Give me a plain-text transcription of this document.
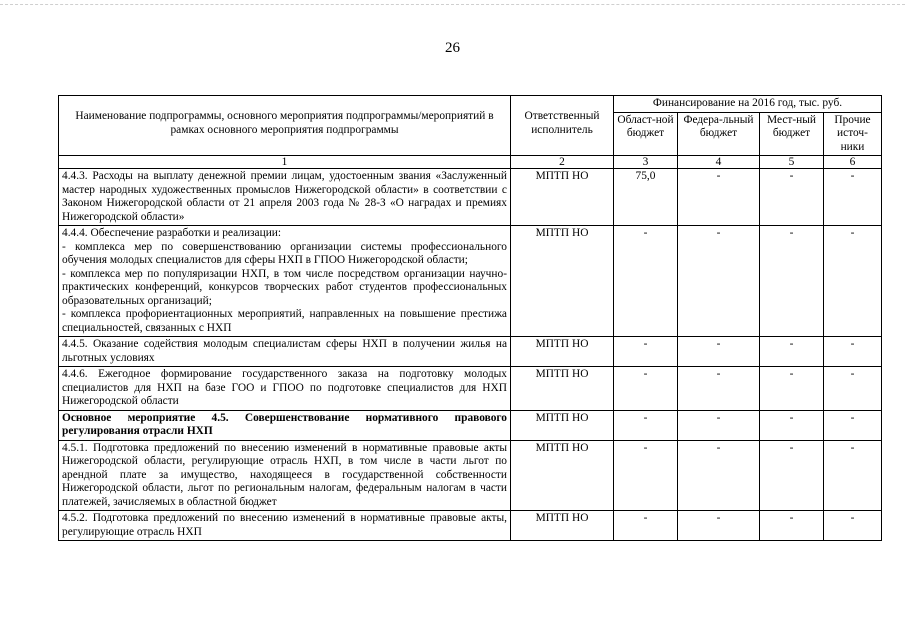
26
Наименование подпрограммы, основного мероприятия подпрограммы/мероприятий в рамках основного мероприятия подпрограммы	Ответственный исполнитель	Финансирование на 2016 год, тыс. руб.			
		Област-ной бюджет	Федера-льный бюджет	Мест-ный бюджет	Прочие источ-ники
1	2	3	4	5	6
4.4.3. Расходы на выплату денежной премии лицам, удостоенным звания «Заслуженный мастер народных художественных промыслов Нижегородской области» в соответствии с Законом Нижегородской области от 21 апреля 2003 года № 28-З «О наградах и премиях Нижегородской области»	МПТП НО	75,0	-	-	-

4.4.4. Обеспечение разработки и реализации:
- комплекса мер по совершенствованию организации системы профессионального обучения молодых специалистов для сферы НХП в ГПОО Нижегородской области;
- комплекса мер по популяризации НХП, в том числе посредством организации научно-практических конференций, конкурсов творческих работ студентов профессиональных образовательных организаций;
- комплекса профориентационных мероприятий, направленных на повышение престижа специальностей, связанных с НХП	МПТП НО	-	-	-	-
4.4.5. Оказание содействия молодым специалистам сферы НХП в получении жилья на льготных условиях	МПТП НО	-	-	-	-
4.4.6. Ежегодное формирование государственного заказа на подготовку молодых специалистов для НХП на базе ГОО и ГПОО по подготовке специалистов для НХП Нижегородской области	МПТП НО	-	-	-	-
Основное мероприятие 4.5. Совершенствование нормативного правового регулирования отрасли НХП	МПТП НО	-	-	-	-
4.5.1. Подготовка предложений по внесению изменений в нормативные правовые акты Нижегородской области, регулирующие отрасль НХП, в том числе в части льгот по арендной плате за имущество, находящееся в государственной собственности Нижегородской области, льгот по региональным налогам, федеральным налогам в части платежей, зачисляемых в областной бюджет	МПТП НО	-	-	-	-
4.5.2. Подготовка предложений по внесению изменений в нормативные правовые акты, регулирующие отрасль НХП	МПТП НО	-	-	-	-
